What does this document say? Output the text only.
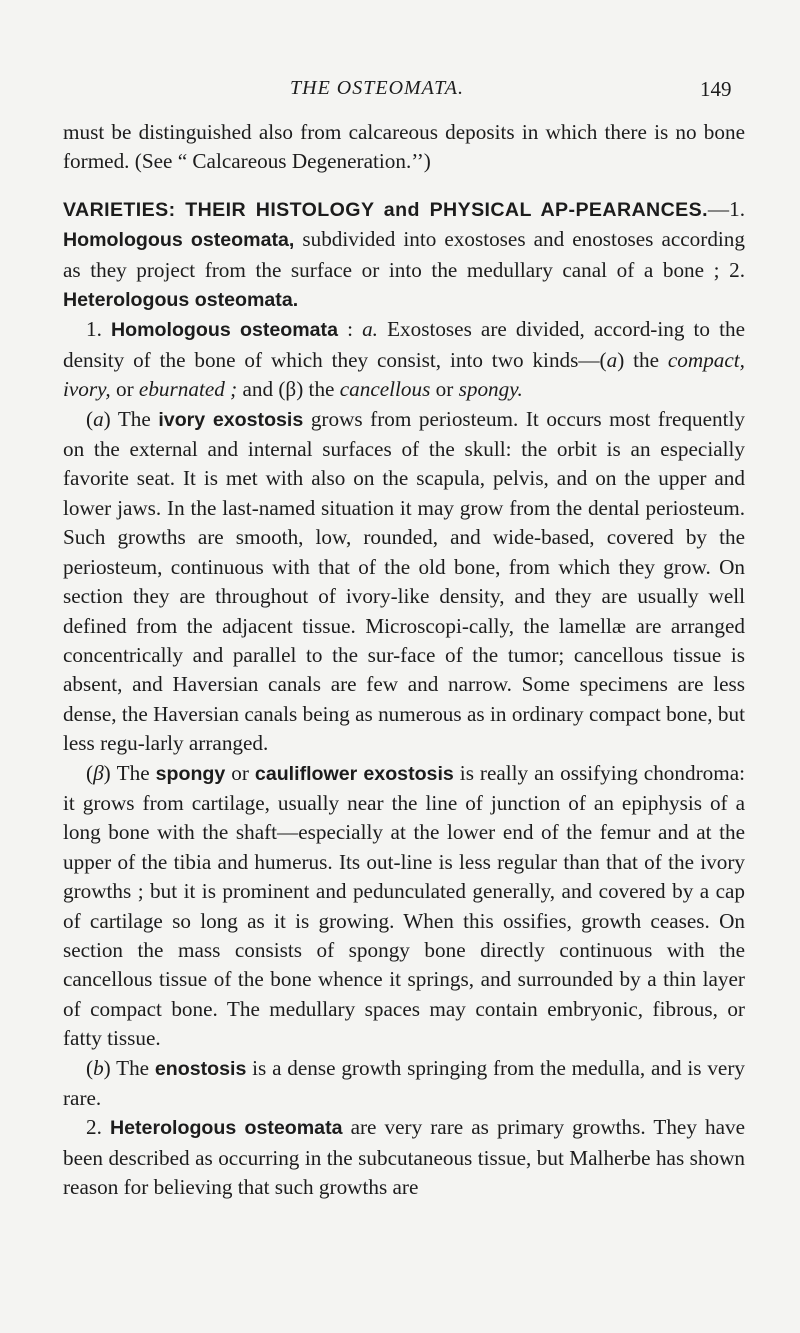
THE OSTEOMATA.	149

must be distinguished also from calcareous deposits in which there is no bone formed. (See “ Calcareous Degeneration.’’)

VARIETIES: THEIR HISTOLOGY and PHYSICAL AP-PEARANCES.—1. Homologous osteomata, subdivided into exostoses and enostoses according as they project from the surface or into the medullary canal of a bone ; 2. Heterologous osteomata.

1. Homologous osteomata : a. Exostoses are divided, accord-ing to the density of the bone of which they consist, into two kinds—(a) the compact, ivory, or eburnated ; and (β) the cancellous or spongy.

(a) The ivory exostosis grows from periosteum. It occurs most frequently on the external and internal surfaces of the skull: the orbit is an especially favorite seat. It is met with also on the scapula, pelvis, and on the upper and lower jaws. In the last-named situation it may grow from the dental periosteum. Such growths are smooth, low, rounded, and wide-based, covered by the periosteum, continuous with that of the old bone, from which they grow. On section they are throughout of ivory-like density, and they are usually well defined from the adjacent tissue. Microscopi-cally, the lamellæ are arranged concentrically and parallel to the sur-face of the tumor; cancellous tissue is absent, and Haversian canals are few and narrow. Some specimens are less dense, the Haversian canals being as numerous as in ordinary compact bone, but less regu-larly arranged.

(β) The spongy or cauliflower exostosis is really an ossifying chondroma: it grows from cartilage, usually near the line of junction of an epiphysis of a long bone with the shaft—especially at the lower end of the femur and at the upper of the tibia and humerus. Its out-line is less regular than that of the ivory growths ; but it is prominent and pedunculated generally, and covered by a cap of cartilage so long as it is growing. When this ossifies, growth ceases. On section the mass consists of spongy bone directly continuous with the cancellous tissue of the bone whence it springs, and surrounded by a thin layer of compact bone. The medullary spaces may contain embryonic, fibrous, or fatty tissue.

(b) The enostosis is a dense growth springing from the medulla, and is very rare.

2. Heterologous osteomata are very rare as primary growths. They have been described as occurring in the subcutaneous tissue, but Malherbe has shown reason for believing that such growths are
